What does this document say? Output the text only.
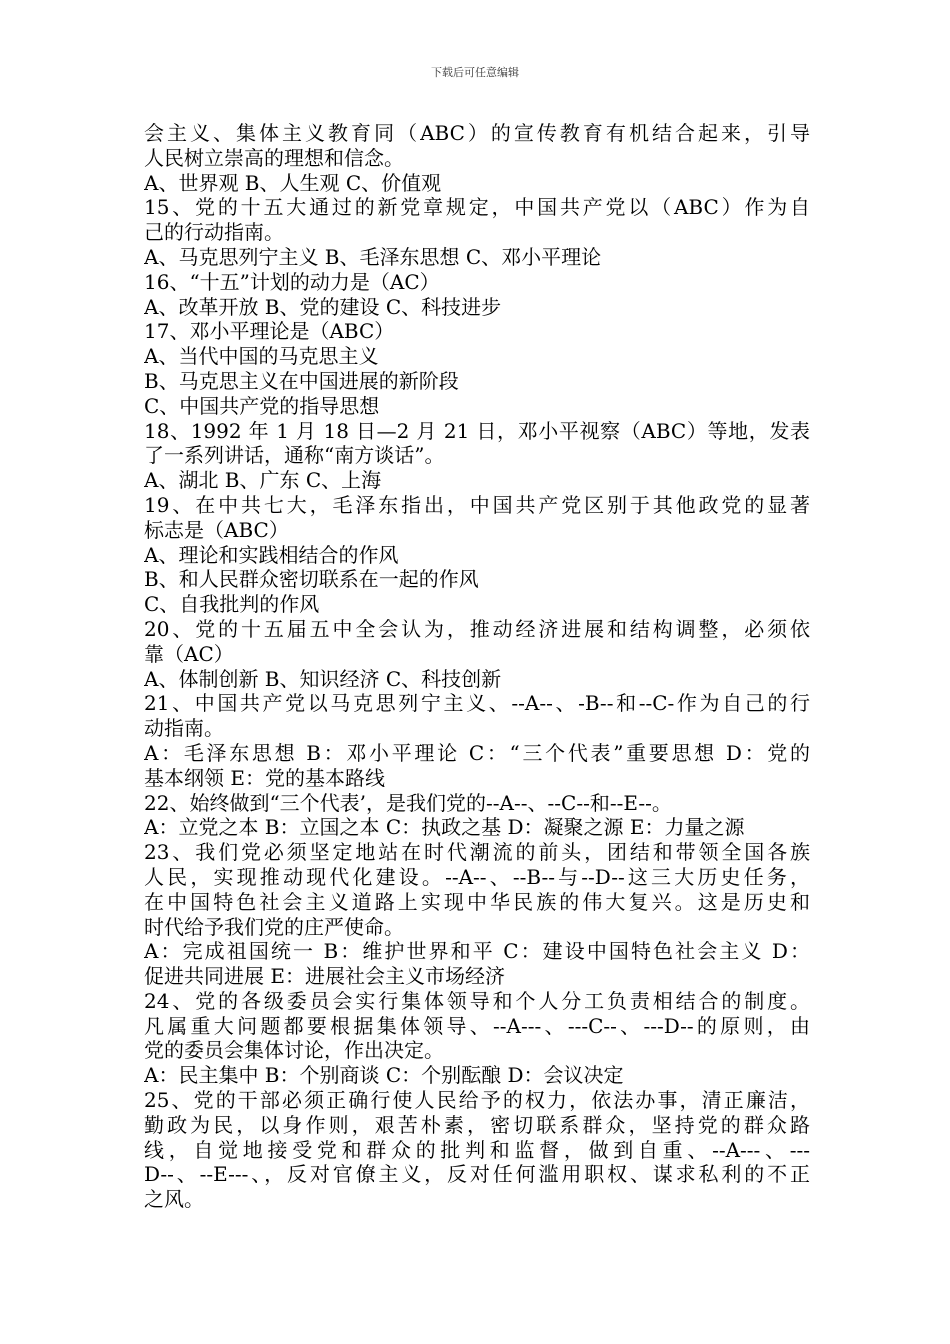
下载后可任意编辑
会主义、集体主义教育同（ABC）的宣传教育有机结合起来，引导
人民树立崇高的理想和信念。
A、世界观 B、人生观 C、价值观
15、党的十五大通过的新党章规定，中国共产党以（ABC）作为自
己的行动指南。
A、马克思列宁主义 B、毛泽东思想 C、邓小平理论
16、“十五”计划的动力是（AC）
A、改革开放 B、党的建设 C、科技进步
17、邓小平理论是（ABC）
A、当代中国的马克思主义
B、马克思主义在中国进展的新阶段
C、中国共产党的指导思想
18、1992 年 1 月 18 日—2 月 21 日，邓小平视察（ABC）等地，发表
了一系列讲话，通称“南方谈话”。
A、湖北 B、广东 C、上海
19、在中共七大，毛泽东指出，中国共产党区别于其他政党的显著
标志是（ABC）
A、理论和实践相结合的作风
B、和人民群众密切联系在一起的作风
C、自我批判的作风
20、党的十五届五中全会认为，推动经济进展和结构调整，必须依
靠（AC）
A、体制创新 B、知识经济 C、科技创新
21、中国共产党以马克思列宁主义、--A--、-B--和--C-作为自己的行
动指南。
A：毛泽东思想 B：邓小平理论 C：“三个代表”重要思想 D：党的
基本纲领 E：党的基本路线
22、始终做到“三个代表’，是我们党的--A--、--C--和--E--。
A：立党之本 B：立国之本 C：执政之基 D：凝聚之源 E：力量之源
23、我们党必须坚定地站在时代潮流的前头，团结和带领全国各族
人民，实现推动现代化建设。--A--、--B--与--D--这三大历史任务，
在中国特色社会主义道路上实现中华民族的伟大复兴。这是历史和
时代给予我们党的庄严使命。
A：完成祖国统一 B：维护世界和平 C：建设中国特色社会主义 D：
促进共同进展 E：进展社会主义市场经济
24、党的各级委员会实行集体领导和个人分工负责相结合的制度。
凡属重大问题都要根据集体领导、--A---、---C--、---D--的原则，由
党的委员会集体讨论，作出决定。
A：民主集中 B：个别商谈 C：个别酝酿 D：会议决定
25、党的干部必须正确行使人民给予的权力，依法办事，清正廉洁，
勤政为民，以身作则，艰苦朴素，密切联系群众，坚持党的群众路
线，自觉地接受党和群众的批判和监督，做到自重、--A---、---
D--、--E---、，反对官僚主义，反对任何滥用职权、谋求私利的不正
之风。
